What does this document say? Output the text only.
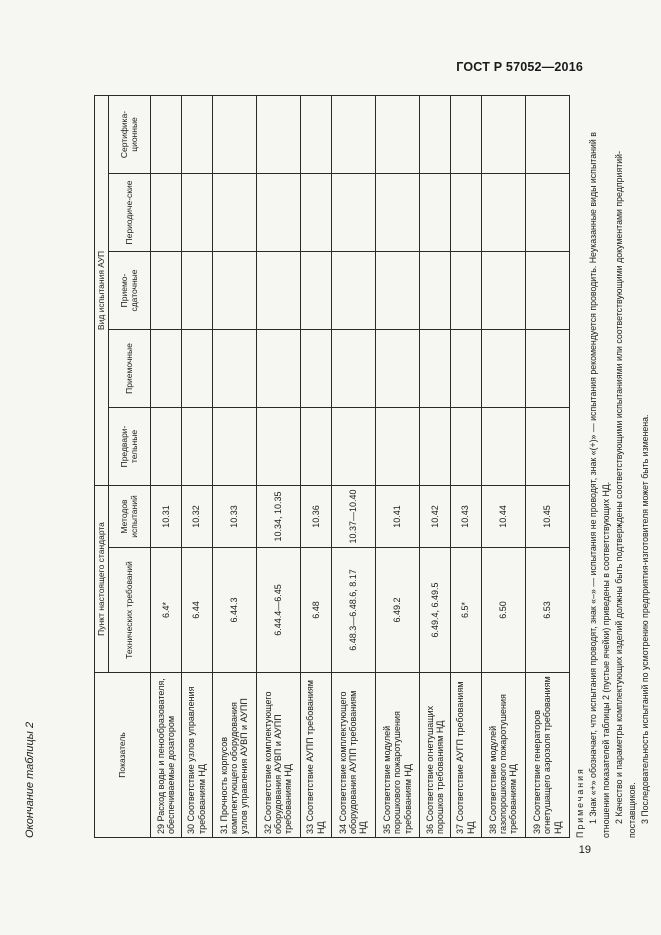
ГОСТ Р 57052—2016
19
Окончание таблицы 2	Показатель	Пункт настоящего стандарта		Вид испытания АУП				
	Технических требований	Методов испытаний	Предвари-тельные	Приемочные	Приемо-сдаточные	Периодиче-ские	Сертифика-ционные
29 Расход воды и пенообразователя, обеспечиваемые дозатором	6.4*	10.31					
30 Соответствие узлов управления требованиям НД	6.44	10.32					
31 Прочность корпусов комплектующего оборудования узлов управления АУВП и АУПП	6.44.3	10.33					
32 Соответствие комплектующего оборудования АУВП и АУПП требованиям НД	6.44.4—6.45	10.34, 10.35					
33 Соответствие АУПП требованиям НД	6.48	10.36					
34 Соответствие комплектующего оборудования АУПП требованиям НД	6.48.3—6.48.6, 8.17	10.37—10.40					
35 Соответствие модулей порошкового пожаротушения требованиям НД	6.49.2	10.41					
36 Соответствие огнетушащих порошков требованиям НД	6.49.4, 6.49.5	10.42					
37 Соответствие АУГП требованиям НД	6.5*	10.43					
38 Соответствие модулей газопорошкового пожаротушения требованиям НД	6.50	10.44					
39 Соответствие генераторов огнетушащего аэрозоля требованиям НД	6.53	10.45					
Примечания 1 Знак «+» обозначает, что испытания проводят, знак «–» — испытания не проводят, знак «(+)» — испытания рекомендуется проводить. Неуказанные виды испытаний в отношении показателей таблицы 2 (пустые ячейки) приведены в соответствующих НД. 2 Качество и параметры комплектующих изделий должны быть подтверждены соответствующими испытаниями или соответствующими документами предприятий-поставщиков. 3 Последовательность испытаний по усмотрению предприятия-изготовителя может быть изменена.
